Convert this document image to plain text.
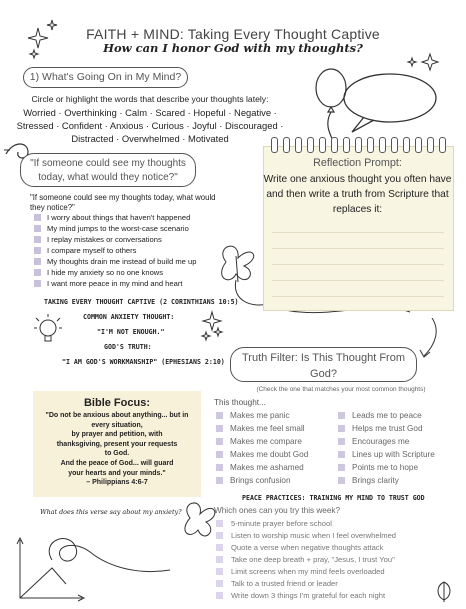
FAITH + MIND: Taking Every Thought Captive
How can I honor God with my thoughts?
1) What's Going On in My Mind?
Circle or highlight the words that describe your thoughts lately:
Worried · Overthinking · Calm · Scared · Hopeful · Negative ·
Stressed · Confident · Anxious · Curious · Joyful · Discouraged ·
Distracted · Overwhelmed · Motivated
"If someone could see my thoughts today, what would they notice?"
"If someone could see my thoughts today, what would they notice?"
I worry about things that haven't happened
My mind jumps to the worst-case scenario
I replay mistakes or conversations
I compare myself to others
My thoughts drain me instead of build me up
I hide my anxiety so no one knows
I want more peace in my mind and heart
TAKING EVERY THOUGHT CAPTIVE (2 CORINTHIANS 10:5)
COMMON ANXIETY THOUGHT:
"I'M NOT ENOUGH."
GOD'S TRUTH:
"I AM GOD'S WORKMANSHIP" (EPHESIANS 2:10)
Reflection Prompt:
Write one anxious thought you often have and then write a truth from Scripture that replaces it:
Truth Filter: Is This Thought From God?
(Check the one that matches your most common thoughts)
This thought...
Makes me panic
Makes me feel small
Makes me compare
Makes me doubt God
Makes me ashamed
Brings confusion
Leads me to peace
Helps me trust God
Encourages me
Lines up with Scripture
Points me to hope
Brings clarity
PEACE PRACTICES: TRAINING MY MIND TO TRUST GOD
Which ones can you try this week?
5-minute prayer before school
Listen to worship music when I feel overwhelmed
Quote a verse when negative thoughts attack
Take one deep breath + pray, "Jesus, I trust You"
Limit screens when my mind feels overloaded
Talk to a trusted friend or leader
Write down 3 things I'm grateful for each night
Bible Focus:
"Do not be anxious about anything... but in
every situation,
by prayer and petition, with
thanksgiving, present your requests
to God.
And the peace of God... will guard
your hearts and your minds."
– Philippians 4:6-7
What does this verse say about my anxiety?
